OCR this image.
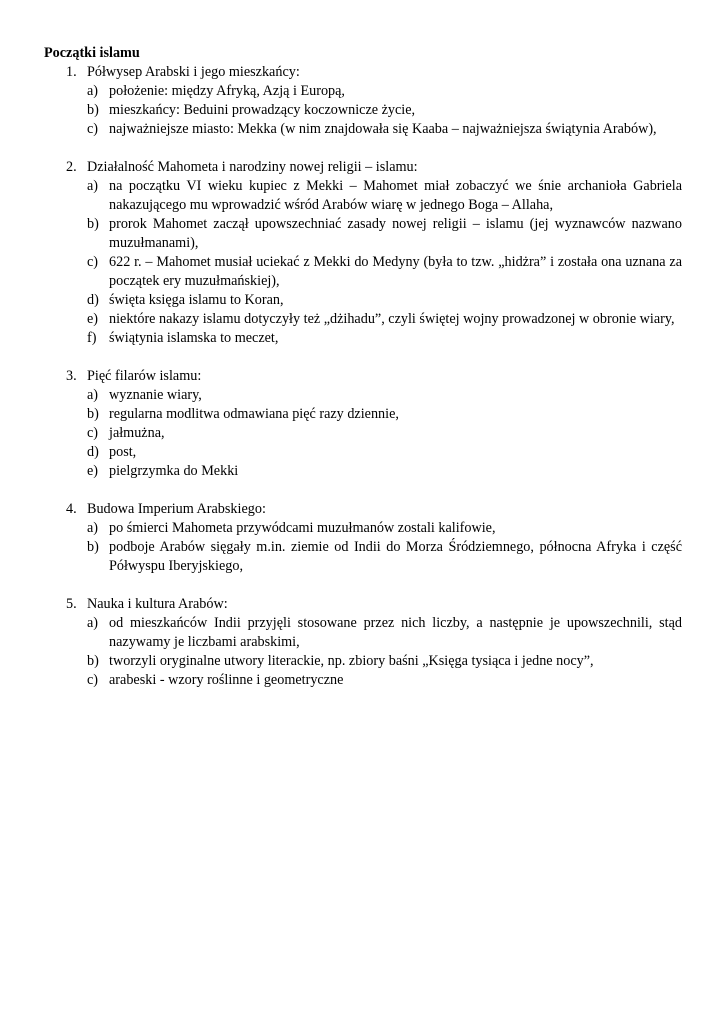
Początki islamu
1. Półwysep Arabski i jego mieszkańcy:
a) położenie: między Afryką, Azją i Europą,
b) mieszkańcy: Beduini prowadzący koczownicze życie,
c) najważniejsze miasto: Mekka (w nim znajdowała się Kaaba – najważniejsza świątynia Arabów),
2. Działalność Mahometa i narodziny nowej religii – islamu:
a) na początku VI wieku kupiec z Mekki – Mahomet miał zobaczyć we śnie archanioła Gabriela nakazującego mu wprowadzić wśród Arabów wiarę w jednego Boga – Allaha,
b) prorok Mahomet zaczął upowszechniać zasady nowej religii – islamu (jej wyznawców nazwano muzułmanami),
c) 622 r. – Mahomet musiał uciekać z Mekki do Medyny (była to tzw. „hidżra” i została ona uznana za początek ery muzułmańskiej),
d) święta księga islamu to Koran,
e) niektóre nakazy islamu dotyczyły też „dżihadu”, czyli świętej wojny prowadzonej w obronie wiary,
f) świątynia islamska to meczet,
3. Pięć filarów islamu:
a) wyznanie wiary,
b) regularna modlitwa odmawiana pięć razy dziennie,
c) jałmużna,
d) post,
e) pielgrzymka do Mekki
4. Budowa Imperium Arabskiego:
a) po śmierci Mahometa przywódcami muzułmanów zostali kalifowie,
b) podboje Arabów sięgały m.in. ziemie od Indii do Morza Śródziemnego, północna Afryka i część Półwyspu Iberyjskiego,
5. Nauka i kultura Arabów:
a) od mieszkańców Indii przyjęli stosowane przez nich liczby, a następnie je upowszechnili, stąd nazywamy je liczbami arabskimi,
b) tworzyli oryginalne utwory literackie, np. zbiory baśni „Księga tysiąca i jedne nocy”,
c) arabeski - wzory roślinne i geometryczne
